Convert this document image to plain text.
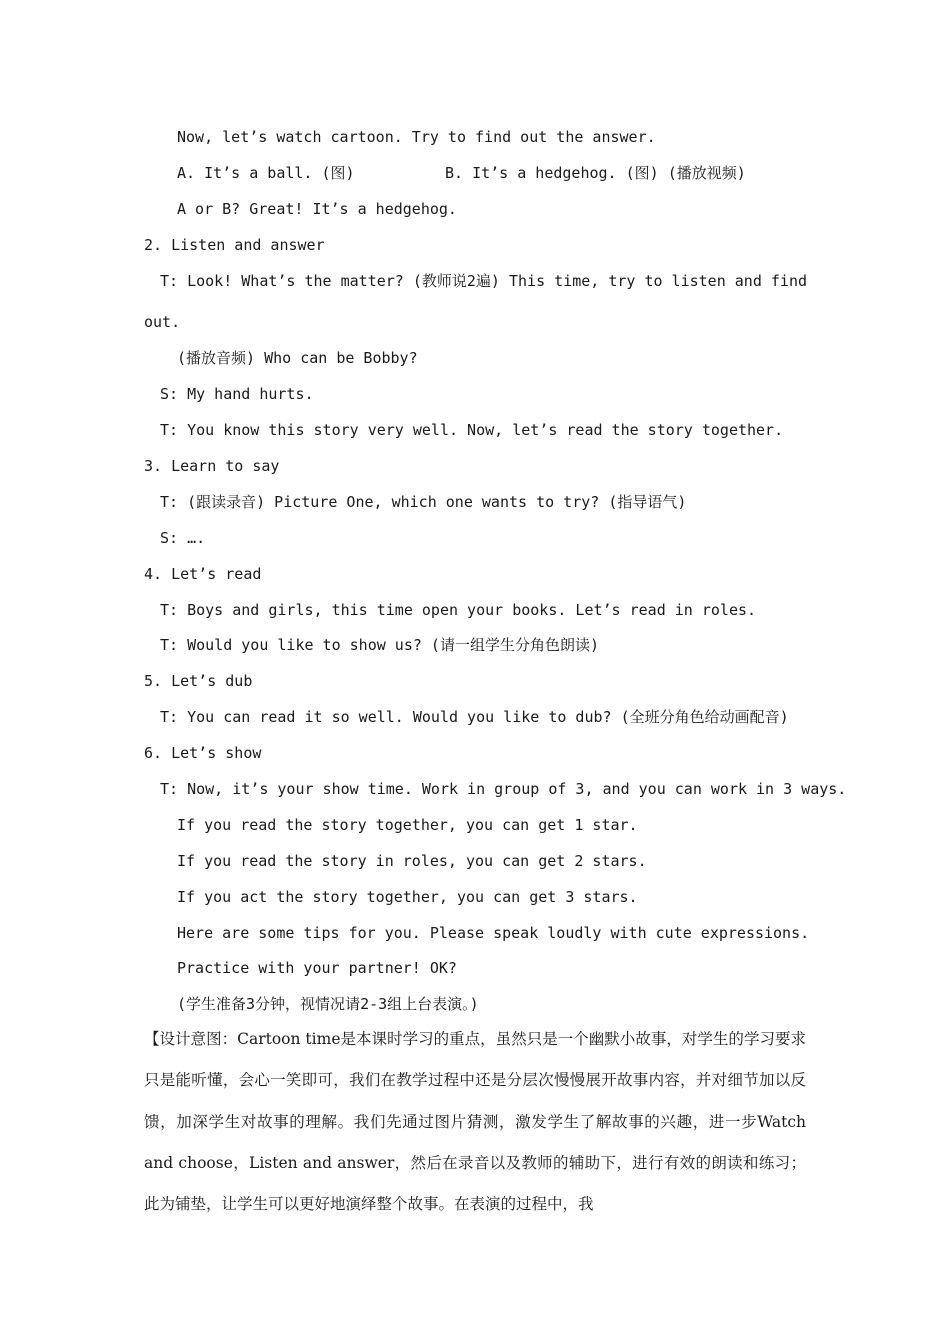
Now, let’s watch cartoon. Try to find out the answer.
A. It’s a ball. (图)	B. It’s a hedgehog. (图) (播放视频)
A or B? Great! It’s a hedgehog.
2. Listen and answer
T: Look! What’s the matter? (教师说2遍) This time, try to listen and find
out.
(播放音频) Who can be Bobby?
S: My hand hurts.
T: You know this story very well. Now, let’s read the story together.
3. Learn to say
T: (跟读录音) Picture One, which one wants to try? (指导语气)
S: ….
4. Let’s read
T: Boys and girls, this time open your books. Let’s read in roles.
T: Would you like to show us? (请一组学生分角色朗读)
5. Let’s dub
T: You can read it so well. Would you like to dub? (全班分角色给动画配音)
6. Let’s show
T: Now, it’s your show time. Work in group of 3, and you can work in 3 ways.
If you read the story together, you can get 1 star.
If you read the story in roles, you can get 2 stars.
If you act the story together, you can get 3 stars.
Here are some tips for you. Please speak loudly with cute expressions.
Practice with your partner! OK?
(学生准备3分钟，视情况请2-3组上台表演。)
【设计意图：Cartoon time是本课时学习的重点，虽然只是一个幽默小故事，对学生的学习要求只是能听懂，会心一笑即可，我们在教学过程中还是分层次慢慢展开故事内容，并对细节加以反馈，加深学生对故事的理解。我们先通过图片猜测，激发学生了解故事的兴趣，进一步Watch and choose，Listen and answer，然后在录音以及教师的辅助下，进行有效的朗读和练习；此为铺垫，让学生可以更好地演绎整个故事。在表演的过程中，我
